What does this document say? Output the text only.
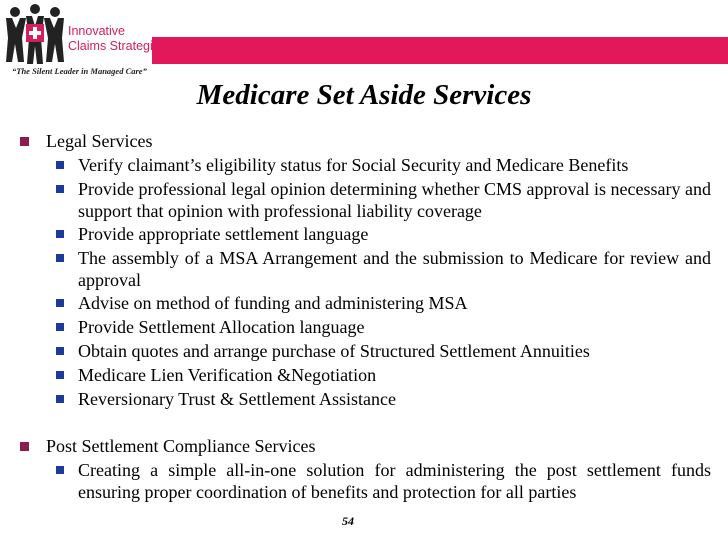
Innovative
Claims Strategies
“The Silent Leader in Managed Care”
Medicare Set Aside Services
Legal Services
Verify claimant’s eligibility status for Social Security and Medicare Benefits
Provide professional legal opinion determining whether CMS approval is necessary and support that opinion with professional liability coverage
Provide appropriate settlement language
The assembly of a MSA Arrangement and the submission to Medicare for review and approval
Advise on method of funding and administering MSA
Provide Settlement Allocation language
Obtain quotes and arrange purchase of Structured Settlement Annuities
Medicare Lien Verification &Negotiation
Reversionary Trust & Settlement Assistance
Post Settlement Compliance Services
Creating a simple all-in-one solution for administering the post settlement funds ensuring proper coordination of benefits and protection for all parties
54
